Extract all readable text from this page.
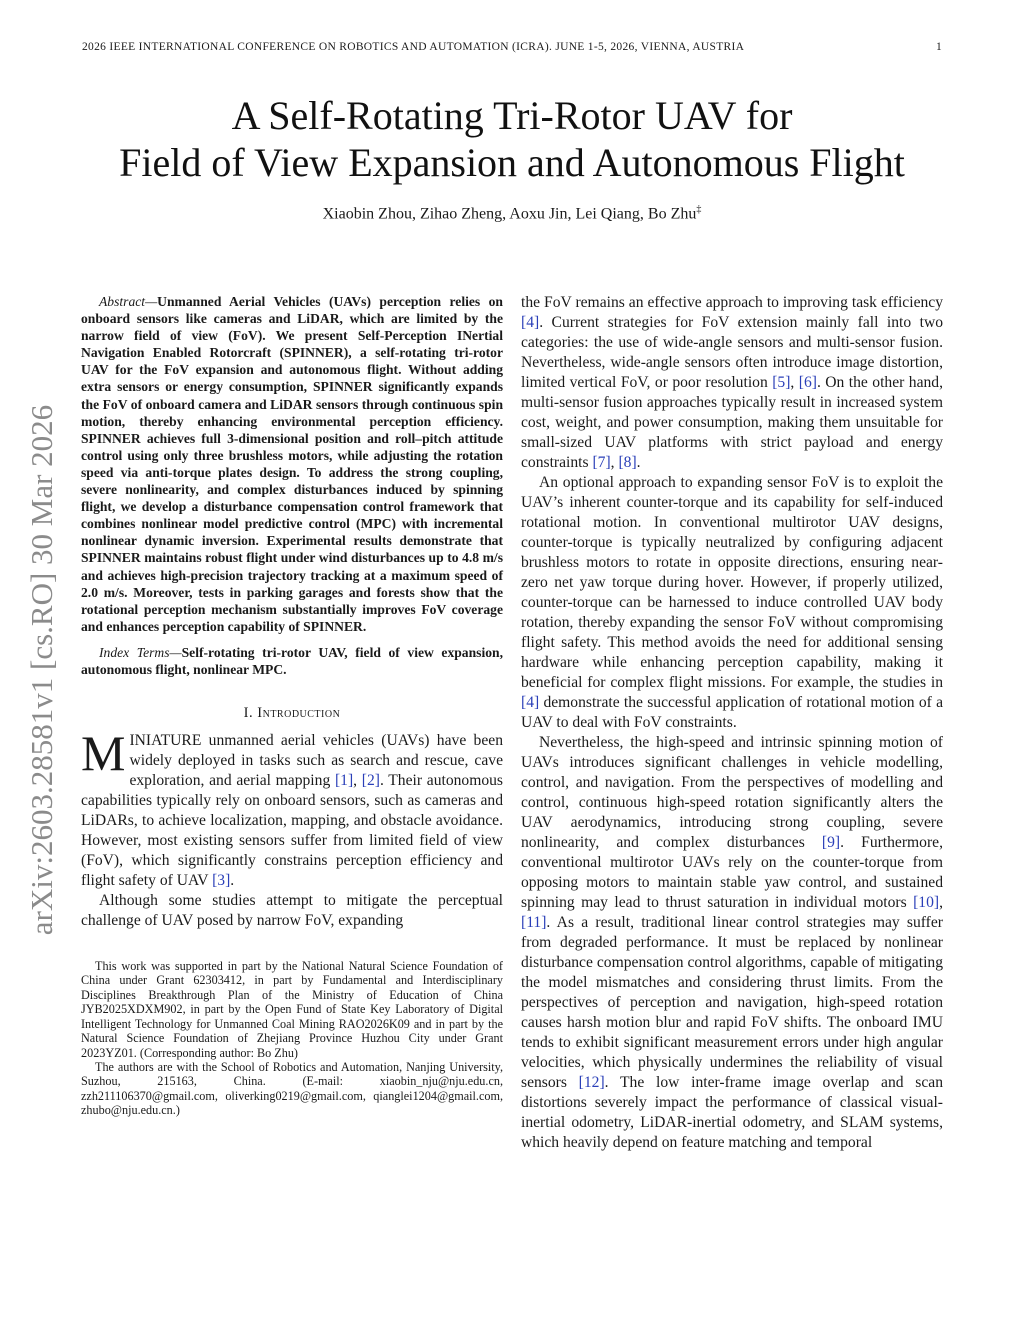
2026 IEEE INTERNATIONAL CONFERENCE ON ROBOTICS AND AUTOMATION (ICRA). JUNE 1-5, 2026, VIENNA, AUSTRIA	1
arXiv:2603.28581v1 [cs.RO] 30 Mar 2026
A Self-Rotating Tri-Rotor UAV for
Field of View Expansion and Autonomous Flight
Xiaobin Zhou, Zihao Zheng, Aoxu Jin, Lei Qiang, Bo Zhu‡

Abstract—Unmanned Aerial Vehicles (UAVs) perception relies on onboard sensors like cameras and LiDAR, which are limited by the narrow field of view (FoV). We present Self-Perception INertial Navigation Enabled Rotorcraft (SPINNER), a self-rotating tri-rotor UAV for the FoV expansion and autonomous flight. Without adding extra sensors or energy consumption, SPINNER significantly expands the FoV of onboard camera and LiDAR sensors through continuous spin motion, thereby enhancing environmental perception efficiency. SPINNER achieves full 3-dimensional position and roll–pitch attitude control using only three brushless motors, while adjusting the rotation speed via anti-torque plates design. To address the strong coupling, severe nonlinearity, and complex disturbances induced by spinning flight, we develop a disturbance compensation control framework that combines nonlinear model predictive control (MPC) with incremental nonlinear dynamic inversion. Experimental results demonstrate that SPINNER maintains robust flight under wind disturbances up to 4.8 m/s and achieves high-precision trajectory tracking at a maximum speed of 2.0 m/s. Moreover, tests in parking garages and forests show that the rotational perception mechanism substantially improves FoV coverage and enhances perception capability of SPINNER.

Index Terms—Self-rotating tri-rotor UAV, field of view expansion, autonomous flight, nonlinear MPC.

I. Introduction

MINIATURE unmanned aerial vehicles (UAVs) have been widely deployed in tasks such as search and rescue, cave exploration, and aerial mapping [1], [2]. Their autonomous capabilities typically rely on onboard sensors, such as cameras and LiDARs, to achieve localization, mapping, and obstacle avoidance. However, most existing sensors suffer from limited field of view (FoV), which significantly constrains perception efficiency and flight safety of UAV [3].

Although some studies attempt to mitigate the perceptual challenge of UAV posed by narrow FoV, expanding

This work was supported in part by the National Natural Science Foundation of China under Grant 62303412, in part by Fundamental and Interdisciplinary Disciplines Breakthrough Plan of the Ministry of Education of China JYB2025XDXM902, in part by the Open Fund of State Key Laboratory of Digital Intelligent Technology for Unmanned Coal Mining RAO2026K09 and in part by the Natural Science Foundation of Zhejiang Province Huzhou City under Grant 2023YZ01. (Corresponding author: Bo Zhu)

The authors are with the School of Robotics and Automation, Nanjing University, Suzhou, 215163, China. (E-mail: xiaobin_nju@nju.edu.cn, zzh211106370@gmail.com, oliverking0219@gmail.com, qianglei1204@gmail.com, zhubo@nju.edu.cn.)

the FoV remains an effective approach to improving task efficiency [4]. Current strategies for FoV extension mainly fall into two categories: the use of wide-angle sensors and multi-sensor fusion. Nevertheless, wide-angle sensors often introduce image distortion, limited vertical FoV, or poor resolution [5], [6]. On the other hand, multi-sensor fusion approaches typically result in increased system cost, weight, and power consumption, making them unsuitable for small-sized UAV platforms with strict payload and energy constraints [7], [8].

An optional approach to expanding sensor FoV is to exploit the UAV’s inherent counter-torque and its capability for self-induced rotational motion. In conventional multirotor UAV designs, counter-torque is typically neutralized by configuring adjacent brushless motors to rotate in opposite directions, ensuring near-zero net yaw torque during hover. However, if properly utilized, counter-torque can be harnessed to induce controlled UAV body rotation, thereby expanding the sensor FoV without compromising flight safety. This method avoids the need for additional sensing hardware while enhancing perception capability, making it beneficial for complex flight missions. For example, the studies in [4] demonstrate the successful application of rotational motion of a UAV to deal with FoV constraints.

Nevertheless, the high-speed and intrinsic spinning motion of UAVs introduces significant challenges in vehicle modelling, control, and navigation. From the perspectives of modelling and control, continuous high-speed rotation significantly alters the UAV aerodynamics, introducing strong coupling, severe nonlinearity, and complex disturbances [9]. Furthermore, conventional multirotor UAVs rely on the counter-torque from opposing motors to maintain stable yaw control, and sustained spinning may lead to thrust saturation in individual motors [10], [11]. As a result, traditional linear control strategies may suffer from degraded performance. It must be replaced by nonlinear disturbance compensation control algorithms, capable of mitigating the model mismatches and considering thrust limits. From the perspectives of perception and navigation, high-speed rotation causes harsh motion blur and rapid FoV shifts. The onboard IMU tends to exhibit significant measurement errors under high angular velocities, which physically undermines the reliability of visual sensors [12]. The low inter-frame image overlap and scan distortions severely impact the performance of classical visual-inertial odometry, LiDAR-inertial odometry, and SLAM systems, which heavily depend on feature matching and temporal
